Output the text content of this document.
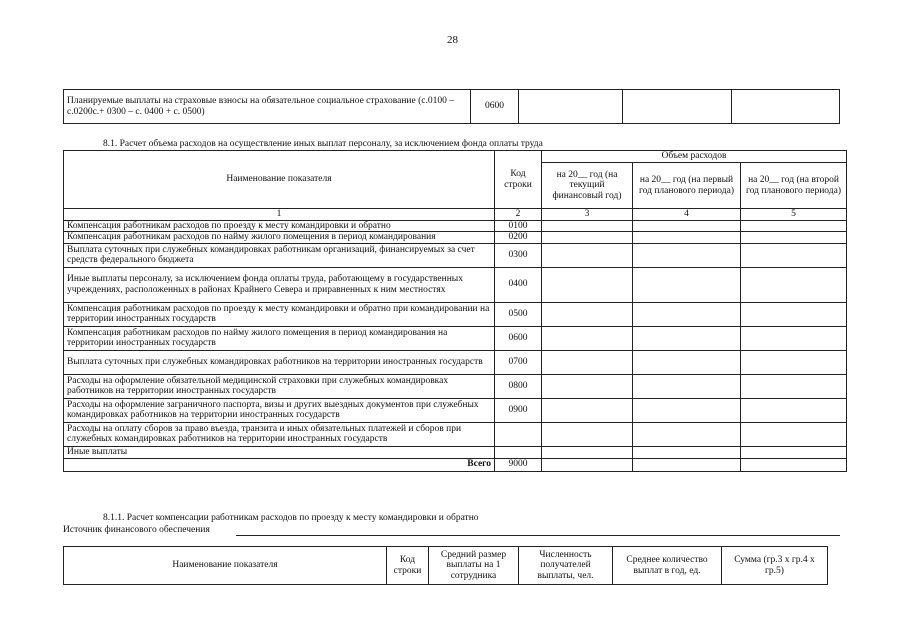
28
Планируемые выплаты на страховые взносы на обязательное социальное страхование (с.0100 – с.0200с.+ 0300 – с. 0400 + с. 0500)	0600			
8.1. Расчет объема расходов на осуществление иных выплат персоналу, за исключением фонда оплаты труда
Наименование показателя	Код строки	Объем расходов		
		на 20__ год (на текущий финансовый год)	на 20__ год (на первый год планового периода)	на 20__ год (на второй год планового периода)
1	2	3	4	5
Компенсация работникам расходов по проезду к месту командировки и обратно	0100			
Компенсация работникам расходов по найму жилого помещения в период командирования	0200			
Выплата суточных при служебных командировках работникам организаций, финансируемых за счет средств федерального бюджета	0300			
Иные выплаты персоналу, за исключением фонда оплаты труда, работающему в государственных учреждениях, расположенных в районах Крайнего Севера и приравненных к ним местностях	0400			
Компенсация работникам расходов по проезду к месту командировки и обратно при командировании на территории иностранных государств	0500			
Компенсация работникам расходов по найму жилого помещения в период командирования на территории иностранных государств	0600			
Выплата суточных при служебных командировках работников на территории иностранных государств	0700			
Расходы на оформление обязательной медицинской страховки при служебных командировках работников на территории иностранных государств	0800			
Расходы на оформление заграничного паспорта, визы и других выездных документов при служебных командировках работников на территории иностранных государств	0900			
Расходы на оплату сборов за право въезда, транзита и иных обязательных платежей и сборов при служебных командировках работников на территории иностранных государств				
Иные выплаты				
Всего	9000			
8.1.1. Расчет компенсации работникам расходов по проезду к месту командировки и обратно
Источник финансового обеспечения
Наименование показателя	Код строки	Средний размер выплаты на 1 сотрудника	Численность получателей выплаты, чел.	Среднее количество выплат в год, ед.	Сумма (гр.3 x гр.4 x гр.5)
